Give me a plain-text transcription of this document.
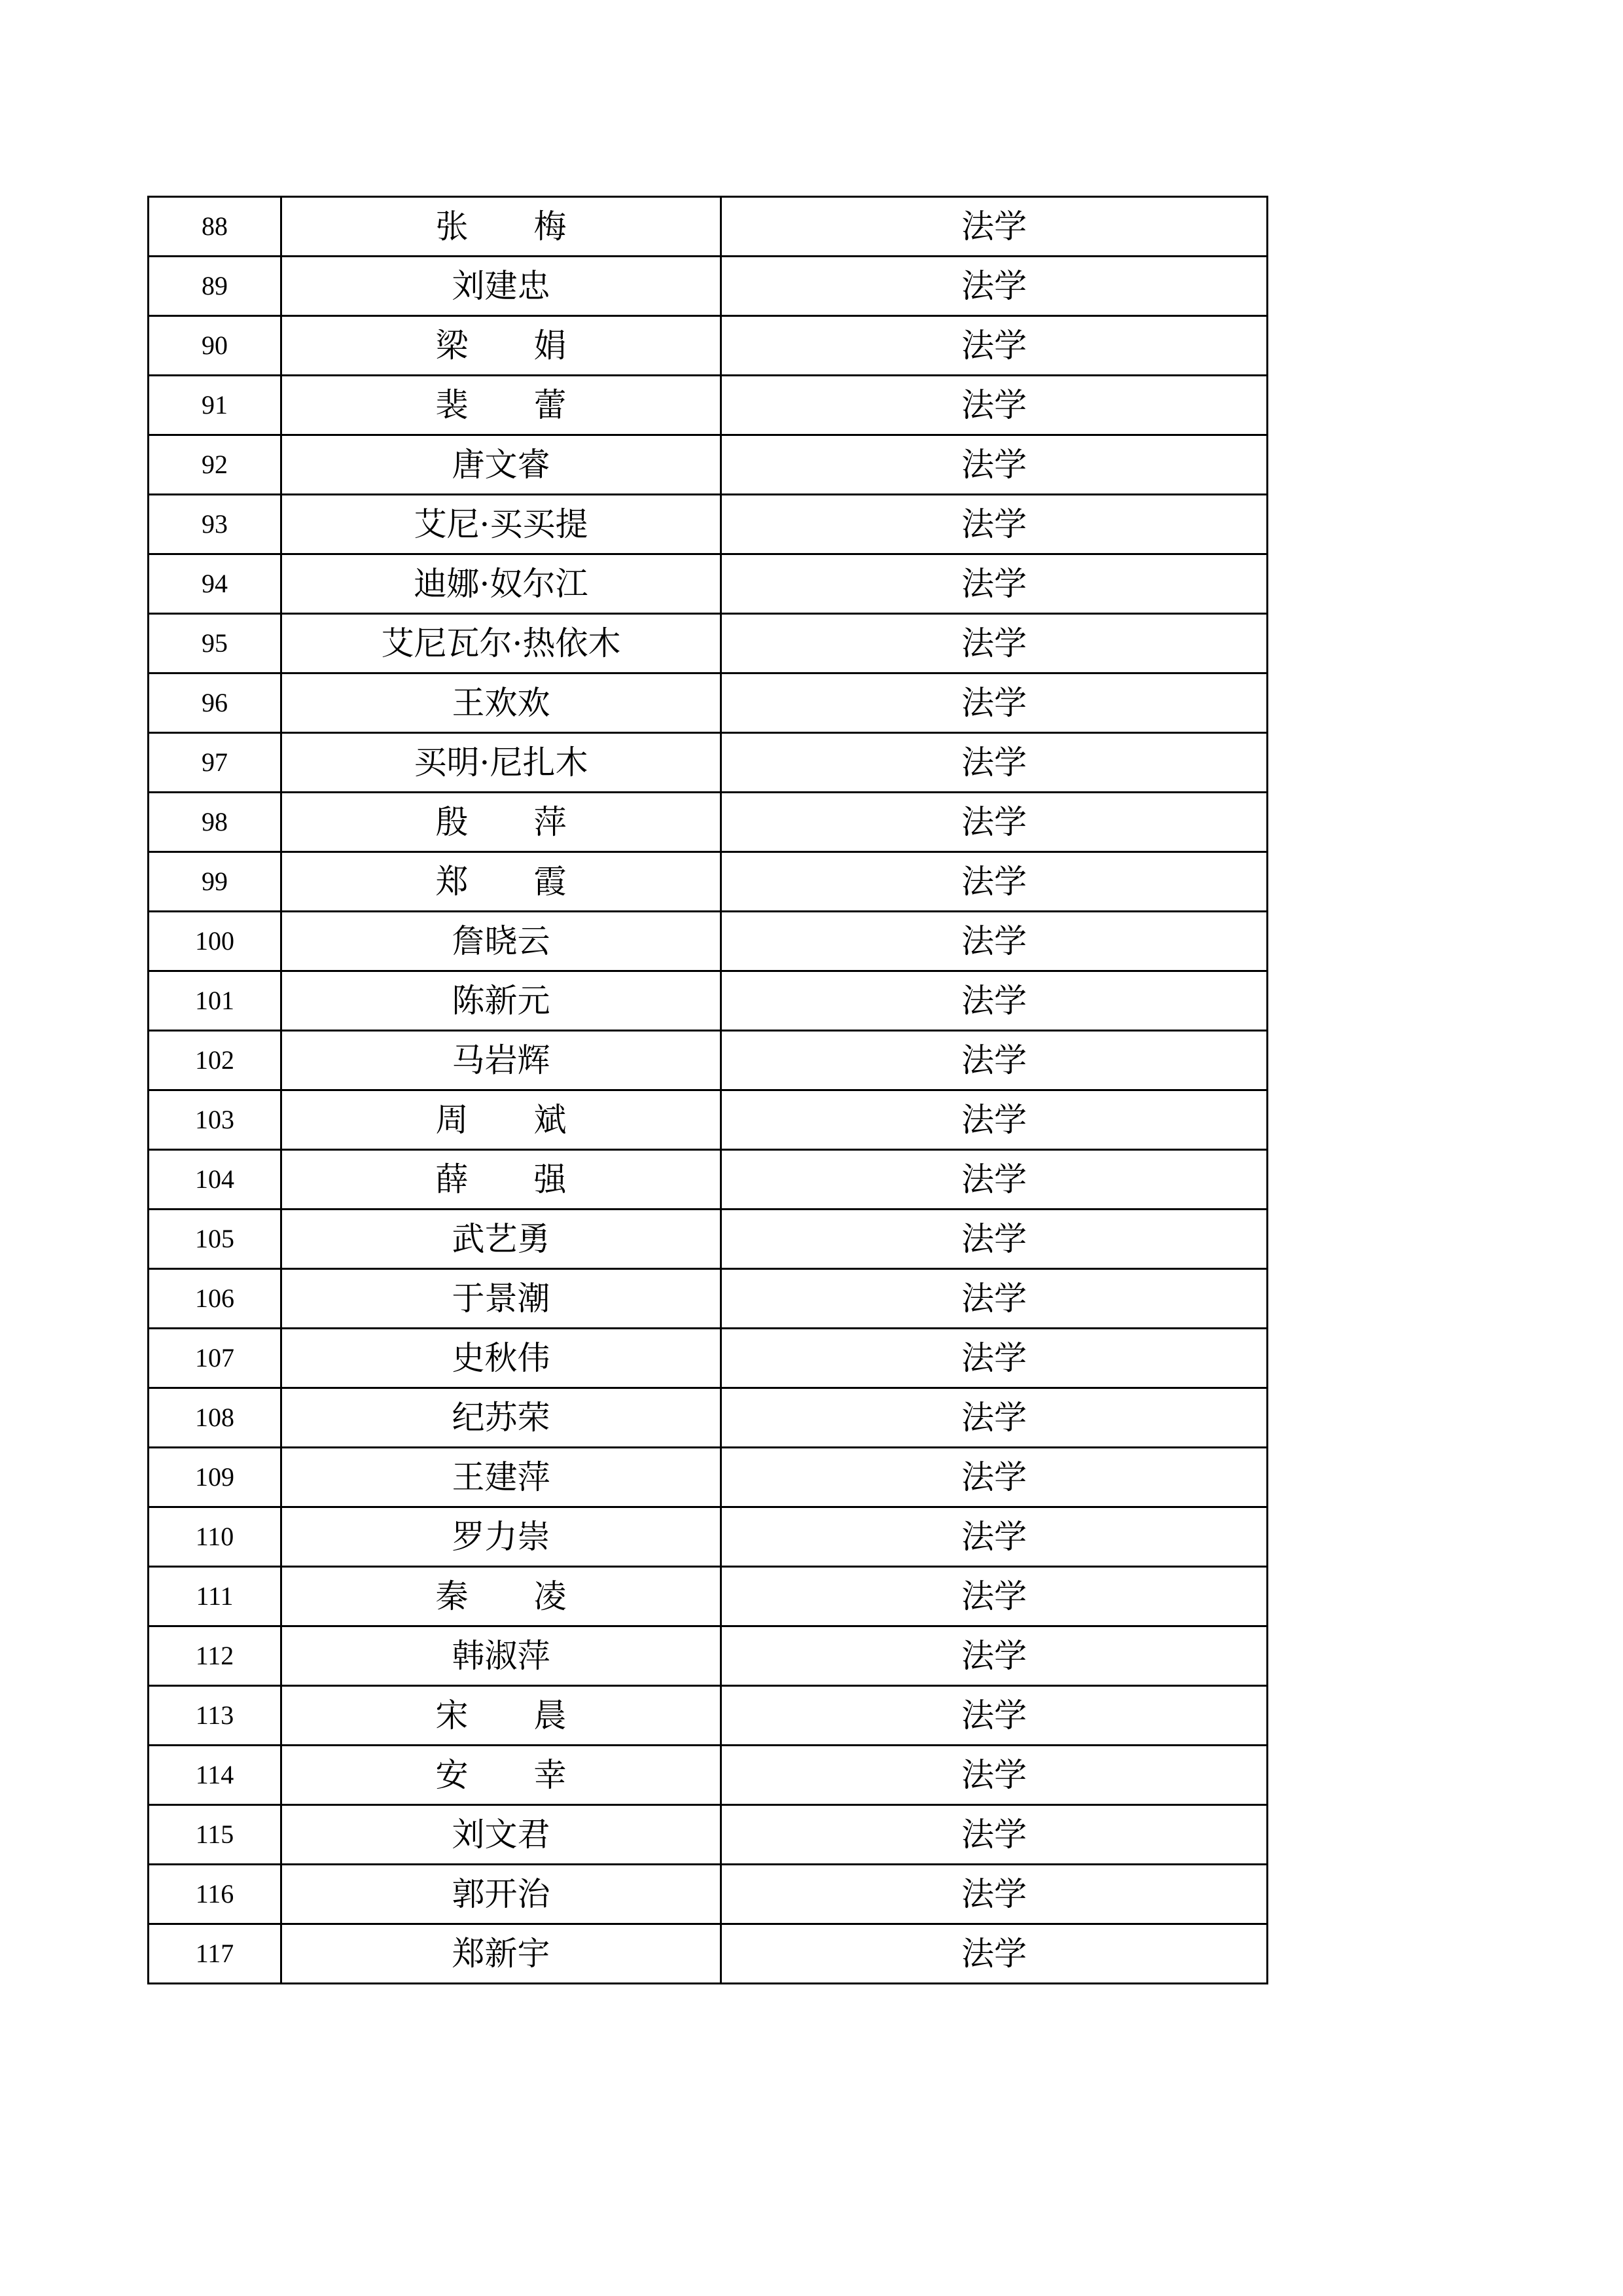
88	张　　梅	法学
89	刘建忠	法学
90	梁　　娟	法学
91	裴　　蕾	法学
92	唐文睿	法学
93	艾尼·买买提	法学
94	迪娜·奴尔江	法学
95	艾尼瓦尔·热依木	法学
96	王欢欢	法学
97	买明·尼扎木	法学
98	殷　　萍	法学
99	郑　　霞	法学
100	詹晓云	法学
101	陈新元	法学
102	马岩辉	法学
103	周　　斌	法学
104	薛　　强	法学
105	武艺勇	法学
106	于景潮	法学
107	史秋伟	法学
108	纪苏荣	法学
109	王建萍	法学
110	罗力崇	法学
111	秦　　凌	法学
112	韩淑萍	法学
113	宋　　晨	法学
114	安　　幸	法学
115	刘文君	法学
116	郭开治	法学
117	郑新宇	法学
